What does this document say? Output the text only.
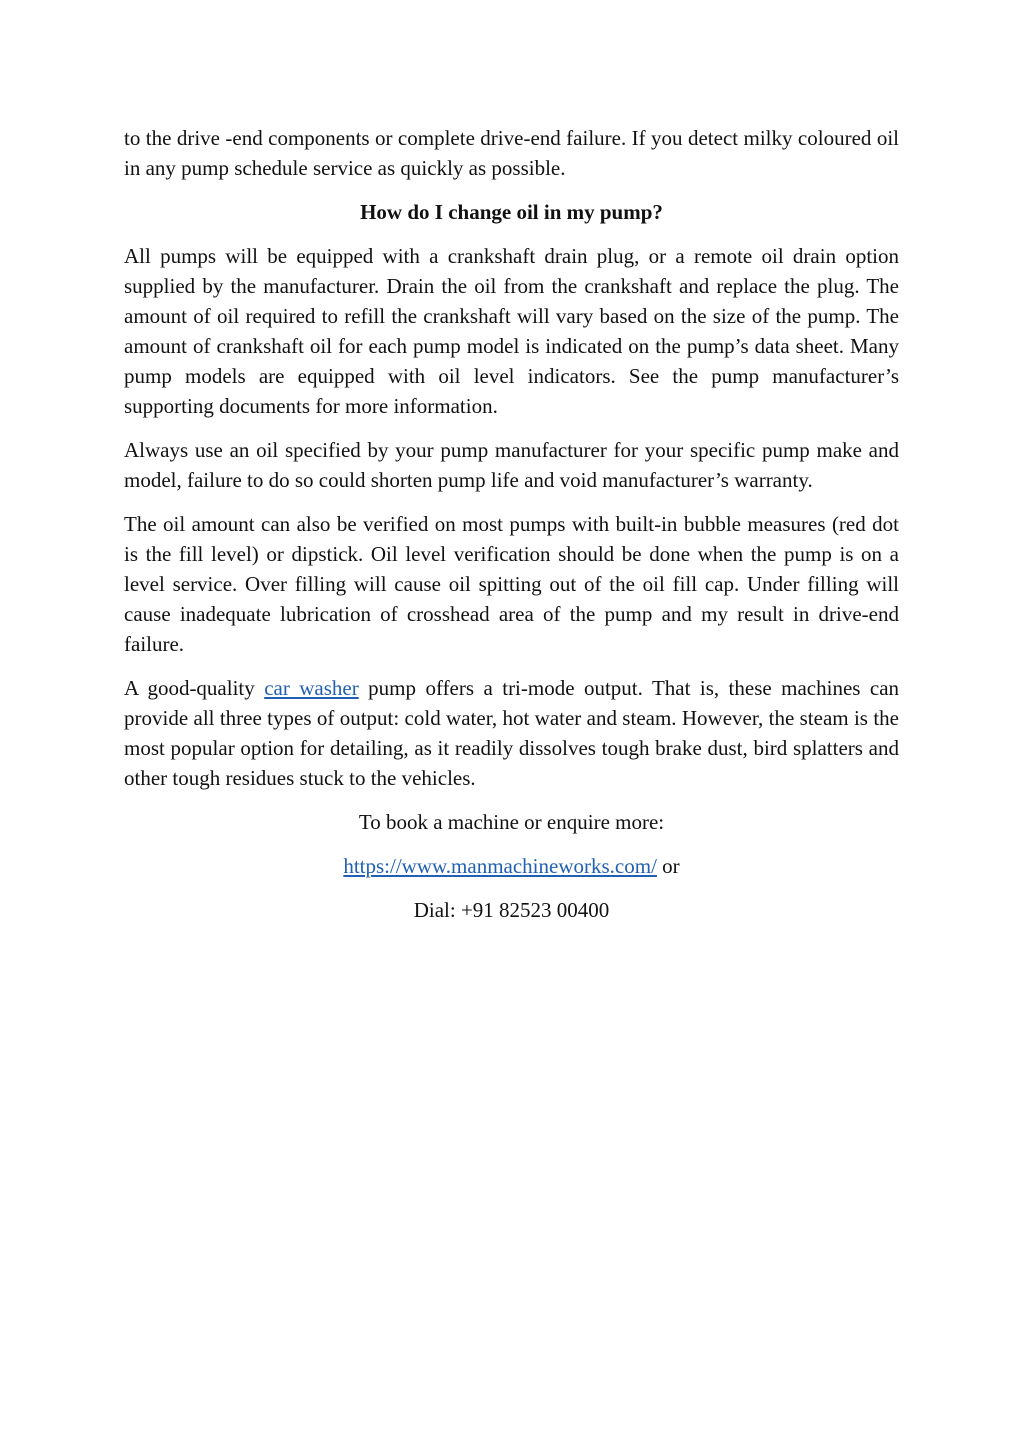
to the drive -end components or complete drive-end failure. If you detect milky coloured oil in any pump schedule service as quickly as possible.

How do I change oil in my pump?

All pumps will be equipped with a crankshaft drain plug, or a remote oil drain option supplied by the manufacturer. Drain the oil from the crankshaft and replace the plug. The amount of oil required to refill the crankshaft will vary based on the size of the pump. The amount of crankshaft oil for each pump model is indicated on the pump’s data sheet. Many pump models are equipped with oil level indicators. See the pump manufacturer’s supporting documents for more information.

Always use an oil specified by your pump manufacturer for your specific pump make and model, failure to do so could shorten pump life and void manufacturer’s warranty.

The oil amount can also be verified on most pumps with built-in bubble measures (red dot is the fill level) or dipstick. Oil level verification should be done when the pump is on a level service. Over filling will cause oil spitting out of the oil fill cap. Under filling will cause inadequate lubrication of crosshead area of the pump and my result in drive-end failure.

A good-quality car washer pump offers a tri-mode output. That is, these machines can provide all three types of output: cold water, hot water and steam. However, the steam is the most popular option for detailing, as it readily dissolves tough brake dust, bird splatters and other tough residues stuck to the vehicles.

To book a machine or enquire more:

https://www.manmachineworks.com/ or

Dial: +91 82523 00400
